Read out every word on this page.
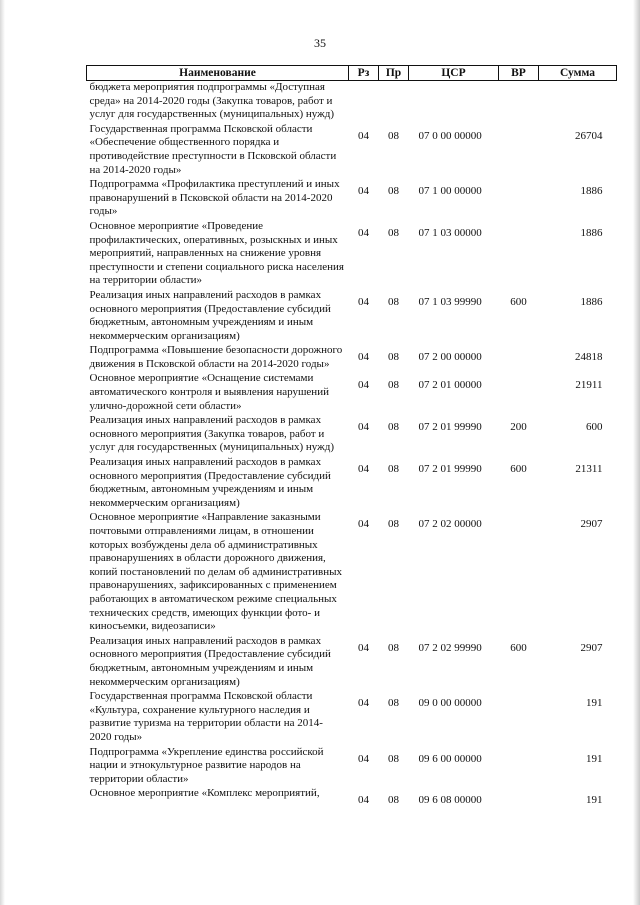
35
Наименование	Рз	Пр	ЦСР	ВР	Сумма
бюджета мероприятия подпрограммы «Доступная среда» на 2014-2020 годы (Закупка товаров, работ и услуг для государственных (муниципальных) нужд)					
Государственная программа Псковской области «Обеспечение общественного порядка и противодействие преступности в Псковской области на 2014-2020 годы»	04	08	07 0 00 00000		26704
Подпрограмма «Профилактика преступлений и иных правонарушений в Псковской области на 2014-2020 годы»	04	08	07 1 00 00000		1886
Основное мероприятие «Проведение профилактических, оперативных, розыскных и иных мероприятий, направленных на снижение уровня преступности и степени социального риска населения на территории области»	04	08	07 1 03 00000		1886
Реализация иных направлений расходов в рамках основного мероприятия (Предоставление субсидий бюджетным, автономным учреждениям и иным некоммерческим организациям)	04	08	07 1 03 99990	600	1886
Подпрограмма «Повышение безопасности дорожного движения в Псковской области на 2014-2020 годы»	04	08	07 2 00 00000		24818
Основное мероприятие «Оснащение системами автоматического контроля и выявления нарушений улично-дорожной сети области»	04	08	07 2 01 00000		21911
Реализация иных направлений расходов в рамках основного мероприятия (Закупка товаров, работ и услуг для государственных (муниципальных) нужд)	04	08	07 2 01 99990	200	600
Реализация иных направлений расходов в рамках основного мероприятия (Предоставление субсидий бюджетным, автономным учреждениям и иным некоммерческим организациям)	04	08	07 2 01 99990	600	21311
Основное мероприятие «Направление заказными почтовыми отправлениями лицам, в отношении которых возбуждены дела об административных правонарушениях в области дорожного движения, копий постановлений по делам об административных правонарушениях, зафиксированных с применением работающих в автоматическом режиме специальных технических средств, имеющих функции фото- и киносъемки, видеозаписи»	04	08	07 2 02 00000		2907
Реализация иных направлений расходов в рамках основного мероприятия (Предоставление субсидий бюджетным, автономным учреждениям и иным некоммерческим организациям)	04	08	07 2 02 99990	600	2907
Государственная программа Псковской области «Культура, сохранение культурного наследия и развитие туризма на территории области на 2014-2020 годы»	04	08	09 0 00 00000		191
Подпрограмма «Укрепление единства российской нации и этнокультурное развитие народов на территории области»	04	08	09 6 00 00000		191
Основное мероприятие «Комплекс мероприятий,	04	08	09 6 08 00000		191
